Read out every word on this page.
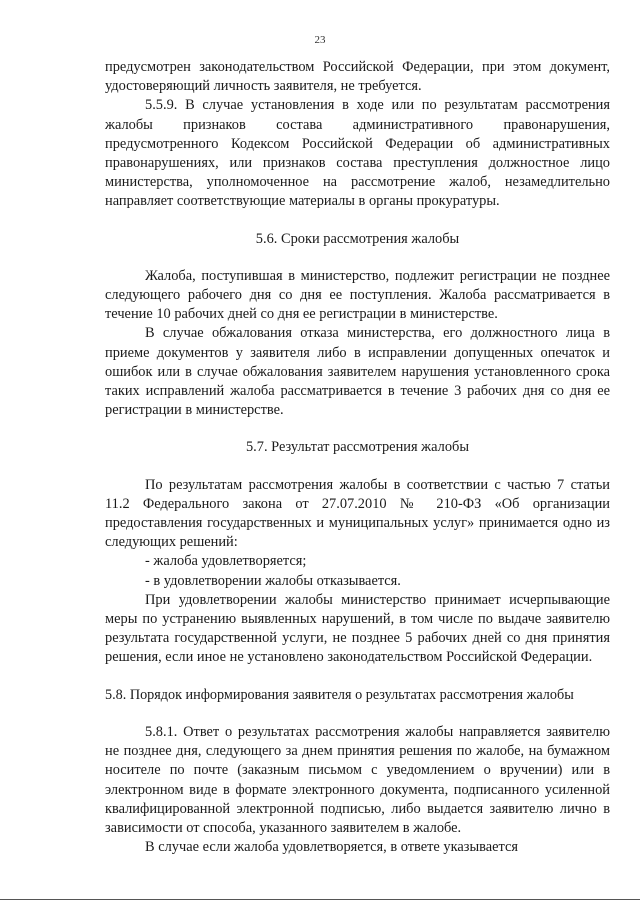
23

предусмотрен законодательством Российской Федерации, при этом документ, удостоверяющий личность заявителя, не требуется.

5.5.9. В случае установления в ходе или по результатам рассмотрения жалобы признаков состава административного правонарушения, предусмотренного Кодексом Российской Федерации об административных правонарушениях, или признаков состава преступления должностное лицо министерства, уполномоченное на рассмотрение жалоб, незамедлительно направляет соответствующие материалы в органы прокуратуры.

5.6. Сроки рассмотрения жалобы

Жалоба, поступившая в министерство, подлежит регистрации не позднее следующего рабочего дня со дня ее поступления. Жалоба рассматривается в течение 10 рабочих дней со дня ее регистрации в министерстве.

В случае обжалования отказа министерства, его должностного лица в приеме документов у заявителя либо в исправлении допущенных опечаток и ошибок или в случае обжалования заявителем нарушения установленного срока таких исправлений жалоба рассматривается в течение 3 рабочих дня со дня ее регистрации в министерстве.

5.7. Результат рассмотрения жалобы

По результатам рассмотрения жалобы в соответствии с частью 7 статьи 11.2 Федерального закона от 27.07.2010 № 210-ФЗ «Об организации предоставления государственных и муниципальных услуг» принимается одно из следующих решений:

- жалоба удовлетворяется;

- в удовлетворении жалобы отказывается.

При удовлетворении жалобы министерство принимает исчерпывающие меры по устранению выявленных нарушений, в том числе по выдаче заявителю результата государственной услуги, не позднее 5 рабочих дней со дня принятия решения, если иное не установлено законодательством Российской Федерации.

5.8. Порядок информирования заявителя о результатах рассмотрения жалобы

5.8.1. Ответ о результатах рассмотрения жалобы направляется заявителю не позднее дня, следующего за днем принятия решения по жалобе, на бумажном носителе по почте (заказным письмом с уведомлением о вручении) или в электронном виде в формате электронного документа, подписанного усиленной квалифицированной электронной подписью, либо выдается заявителю лично в зависимости от способа, указанного заявителем в жалобе.

В случае если жалоба удовлетворяется, в ответе указывается
